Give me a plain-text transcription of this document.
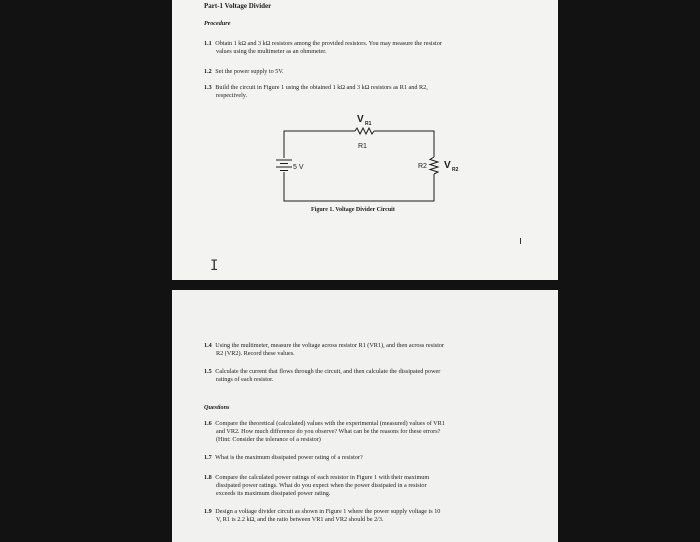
Part-1 Voltage Divider
Procedure
1.1 Obtain 1 kΩ and 3 kΩ resistors among the provided resistors. You may measure the resistor
values using the multimeter as an ohmmeter.
1.2 Set the power supply to 5V.
1.3 Build the circuit in Figure 1 using the obtained 1 kΩ and 3 kΩ resistors as R1 and R2,
respectively.
5 V
V R1
R1
R2 V R2
Figure 1. Voltage Divider Circuit
I
1.4 Using the multimeter, measure the voltage across resistor R1 (VR1), and then across resistor
R2 (VR2). Record these values.
1.5 Calculate the current that flows through the circuit, and then calculate the dissipated power
ratings of each resistor.
Questions
1.6 Compare the theoretical (calculated) values with the experimental (measured) values of VR1
and VR2. How much difference do you observe? What can be the reasons for these errors?
(Hint: Consider the tolerance of a resistor)
1.7 What is the maximum dissipated power rating of a resistor?
1.8 Compare the calculated power ratings of each resistor in Figure 1 with their maximum
dissipated power ratings. What do you expect when the power dissipated in a resistor
exceeds its maximum dissipated power rating.
1.9 Design a voltage divider circuit as shown in Figure 1 where the power supply voltage is 10
V, R1 is 2.2 kΩ, and the ratio between VR1 and VR2 should be 2/3.
